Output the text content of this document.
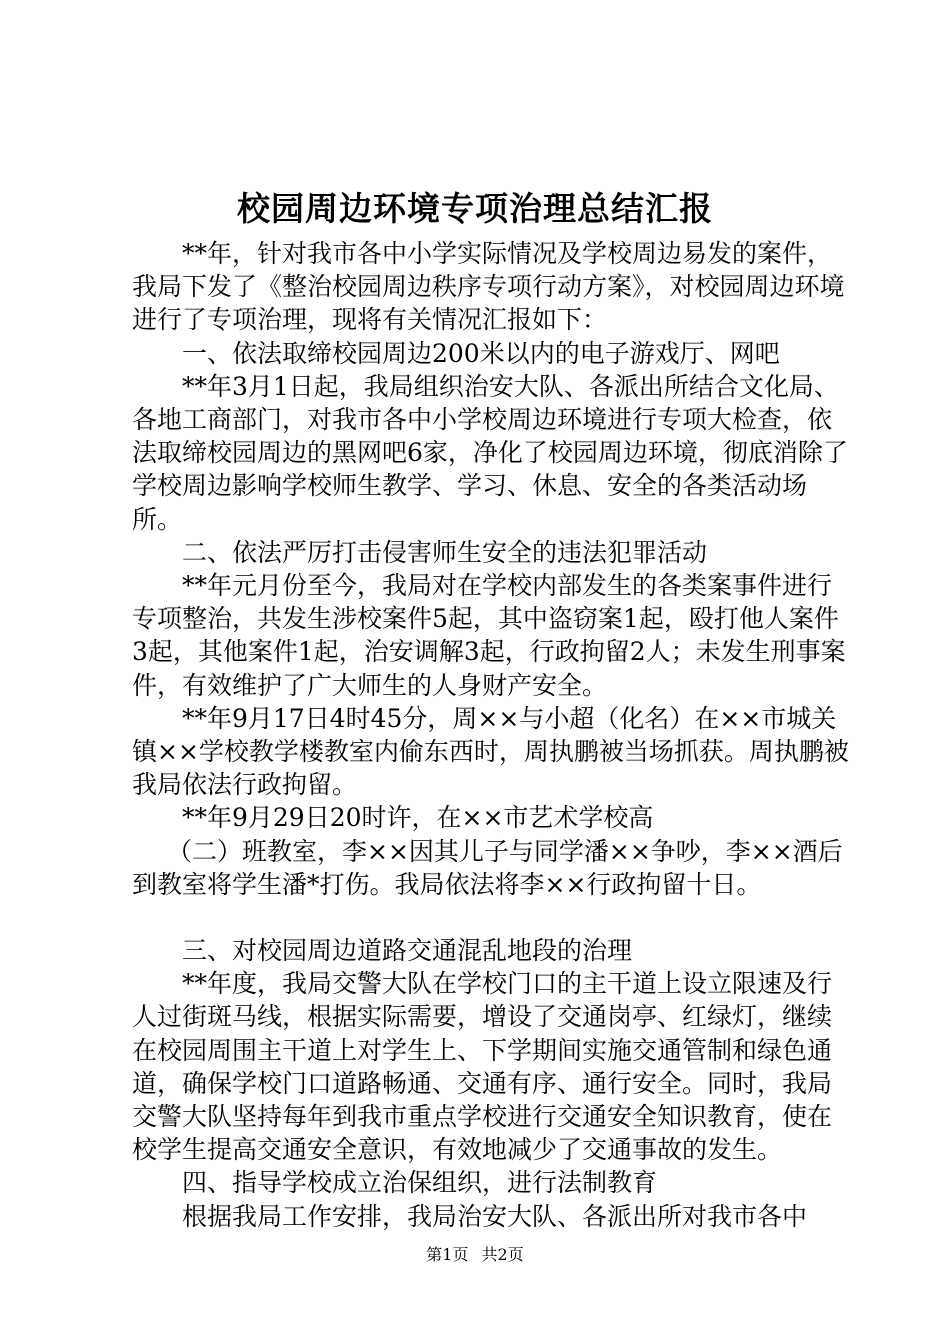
校园周边环境专项治理总结汇报

**年，针对我市各中小学实际情况及学校周边易发的案件，我局下发了《整治校园周边秩序专项行动方案》，对校园周边环境进行了专项治理，现将有关情况汇报如下：

一、依法取缔校园周边200米以内的电子游戏厅、网吧

**年3月1日起，我局组织治安大队、各派出所结合文化局、各地工商部门，对我市各中小学校周边环境进行专项大检查，依法取缔校园周边的黑网吧6家，净化了校园周边环境，彻底消除了学校周边影响学校师生教学、学习、休息、安全的各类活动场所。

二、依法严厉打击侵害师生安全的违法犯罪活动

**年元月份至今，我局对在学校内部发生的各类案事件进行专项整治，共发生涉校案件5起，其中盗窃案1起，殴打他人案件3起，其他案件1起，治安调解3起，行政拘留2人；未发生刑事案件，有效维护了广大师生的人身财产安全。

**年9月17日4时45分，周××与小超（化名）在××市城关镇××学校教学楼教室内偷东西时，周执鹏被当场抓获。周执鹏被我局依法行政拘留。

**年9月29日20时许，在××市艺术学校高

（二）班教室，李××因其儿子与同学潘××争吵，李××酒后到教室将学生潘*打伤。我局依法将李××行政拘留十日。

三、对校园周边道路交通混乱地段的治理

**年度，我局交警大队在学校门口的主干道上设立限速及行人过街斑马线，根据实际需要，增设了交通岗亭、红绿灯，继续在校园周围主干道上对学生上、下学期间实施交通管制和绿色通道，确保学校门口道路畅通、交通有序、通行安全。同时，我局交警大队坚持每年到我市重点学校进行交通安全知识教育，使在校学生提高交通安全意识，有效地减少了交通事故的发生。

四、指导学校成立治保组织，进行法制教育

根据我局工作安排，我局治安大队、各派出所对我市各中

第1页 共2页
